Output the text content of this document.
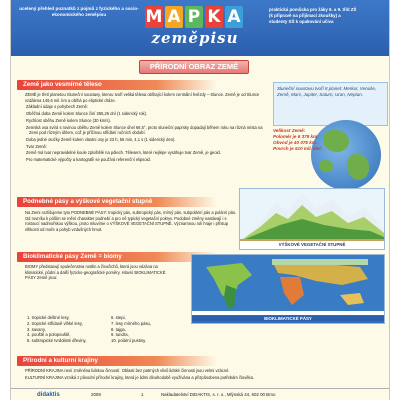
ucelený přehled poznatků z pojmů z fyzického a socio-ekonomického zeměpisu	M A P K A
zeměpisu
praktická pomůcka pro žáky 6. a 9. tříd ZŠ (k přípravě na přijímací zkoušky) a studenty SŠ k opakování učiva
PŘÍRODNÍ OBRAZ ZEMĚ
Země jako vesmírné těleso

ZEMĚ je třetí planetou Sluneční soustavy, kterou tvoří veliká tělesa obíhající kolem centrální hvězdy – Slunce. Země je od Slunce vzdálena 149,6 mil. km a obíhá po eliptické dráze.

Základní údaje o pohybech Země:

Oběžná doba Země kolem Slunce činí 365,26 dní (1 siderický rok).

Rychlost oběhu Země kolem Slunce (30 km/s).

Zemská osa svírá s rovinou oběhu Země kolem Slunce úhel 66,5°, proto sluneční paprsky dopadají během roku na různá místa na Zemi pod různým úhlem, což je příčinou střídání ročních období.

Doba jedné otočky Země kolem vlastní osy je 23 h, 56 min, 4,1 s (1 siderický den).

Tvar Země:

Země má tvar nepravidelné koule zploštělé na pólech. Tělesem, které nejlépe vystihuje tvar Země, je geoid.

Pro matematické výpočty a kartografii se používá referenční elipsoid.

Sluneční soustavu tvoří 8 planet: Merkur, Venuše, Země, Mars, Jupiter, Saturn, Uran, Neptun.
Velikost Země:
Poloměr je 6 378 km.
Obvod je 40 075 km.
Povrch je 510 mil. km².
Podnebné pásy a výškové vegetační stupně

Na Zemi rozlišujeme tyto PODNEBNÉ PÁSY: tropický pás, subtropický pás, mírný pás, subpolární pás a polární pás. Od rovníku k pólům se mění charakter podnebí a pro ně typický vegetační pokryv. Podobné změny nastávají i s rostoucí nadmořskou výškou, proto mluvíme o VÝŠKOVÉ VEGETAČNÍ STUPNĚ. Významnou roli hraje i přístup vlhkosti od moře a pohyb vzdušných hmot.

VÝŠKOVÉ VEGETAČNÍ STUPNĚ
Bioklimatické pásy Země = biomy

BIOMY představují společenstva rostlin a živočichů, která jsou vázána na klimatické, půdní a další fyzicko-geografické poměry. Hlavní BIOKLIMATICKÉ PÁSY Země jsou:

1. tropické deštné lesy,	6. stepi,
2. tropické střídavě vlhké lesy,	7. lesy mírného pásu,
3. savany,	8. tajga,
4. pouště a polopouště,	9. tundra,
5. subtropické tvrdolisté dřeviny,	10. polární pustiny.
BIOKLIMATICKÉ PÁSY
Přírodní a kulturní krajiny

PŘÍRODNÍ KRAJINA není změněna lidskou činností. Oblasti bez patrných vlivů lidské činnosti jsou velmi vzácné.

KULTURNÍ KRAJINA vzniká z původní přírodní krajiny, která je lidmi dlouhodobě využívána a přizpůsobena potřebám člověka.

didaktis	2008	1	Nakladatelství DIDAKTIS, s. r. o., Mlýnská 44, 602 00 Brno
